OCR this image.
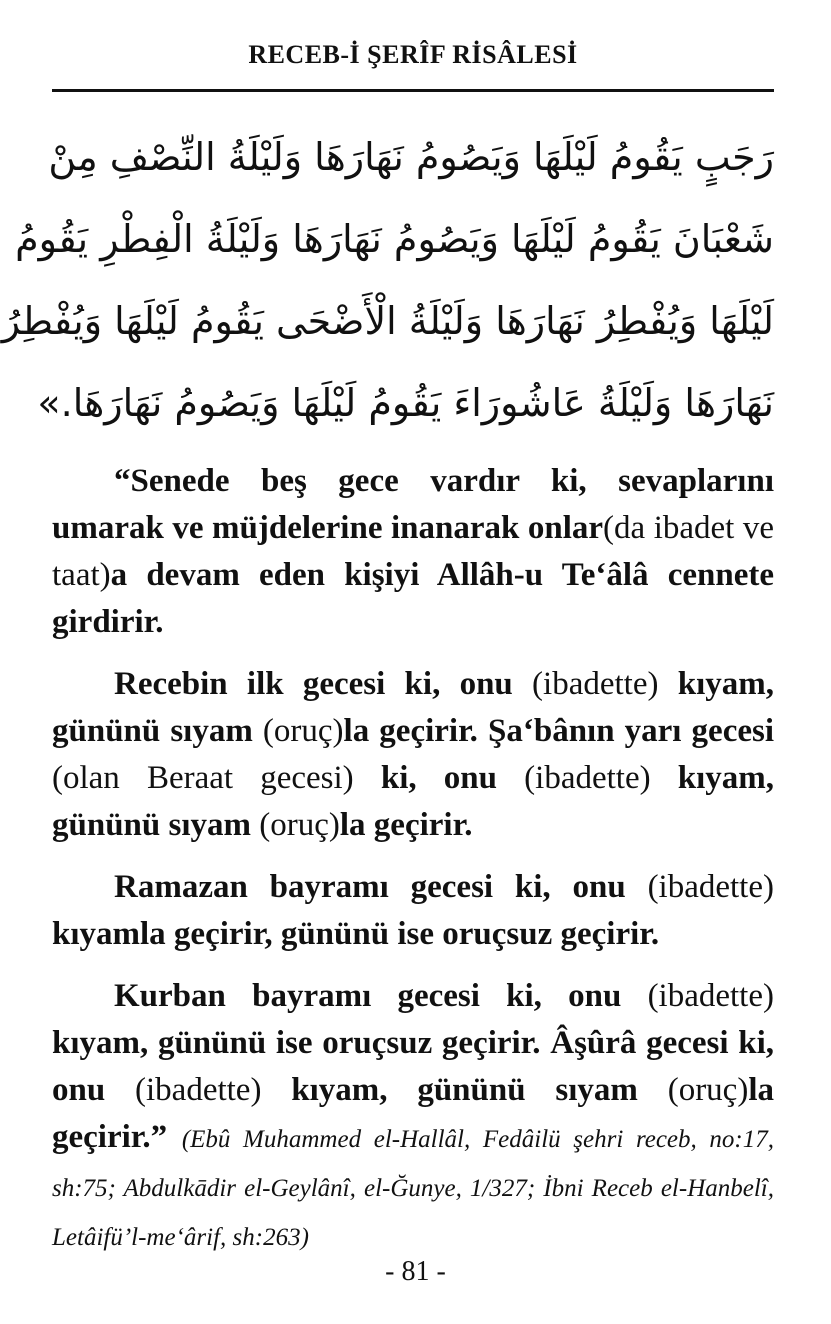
RECEB-İ ŞERÎF RİSÂLESİ
رَجَبٍ يَقُومُ لَيْلَهَا وَيَصُومُ نَهَارَهَا وَلَيْلَةُ النِّصْفِ مِنْ
شَعْبَانَ يَقُومُ لَيْلَهَا وَيَصُومُ نَهَارَهَا وَلَيْلَةُ الْفِطْرِ يَقُومُ
لَيْلَهَا وَيُفْطِرُ نَهَارَهَا وَلَيْلَةُ الْأَضْحَى يَقُومُ لَيْلَهَا وَيُفْطِرُ
نَهَارَهَا وَلَيْلَةُ عَاشُورَاءَ يَقُومُ لَيْلَهَا وَيَصُومُ نَهَارَهَا.»

“Senede beş gece vardır ki, sevaplarını umarak ve müjdelerine inanarak onlar(da ibadet ve taat)a devam eden kişiyi Allâh-u Te‘âlâ cennete girdirir.

Recebin ilk gecesi ki, onu (ibadette) kıyam, gününü sıyam (oruç)la geçirir. Şa‘bânın yarı gecesi (olan Beraat gecesi) ki, onu (ibadette) kıyam, gününü sıyam (oruç)la geçirir.

Ramazan bayramı gecesi ki, onu (ibadette) kıyamla geçirir, gününü ise oruçsuz geçirir.

Kurban bayramı gecesi ki, onu (ibadette) kıyam, gününü ise oruçsuz geçirir. Âşûrâ gecesi ki, onu (ibadette) kıyam, gününü sıyam (oruç)la geçirir.” (Ebû Muhammed el-Hallâl, Fedâilü şehri receb, no:17, sh:75; Abdulkādir el-Geylânî, el-Ğunye, 1/327; İbni Receb el-Hanbelî, Letâifü’l-me‘ârif, sh:263)

- 81 -
